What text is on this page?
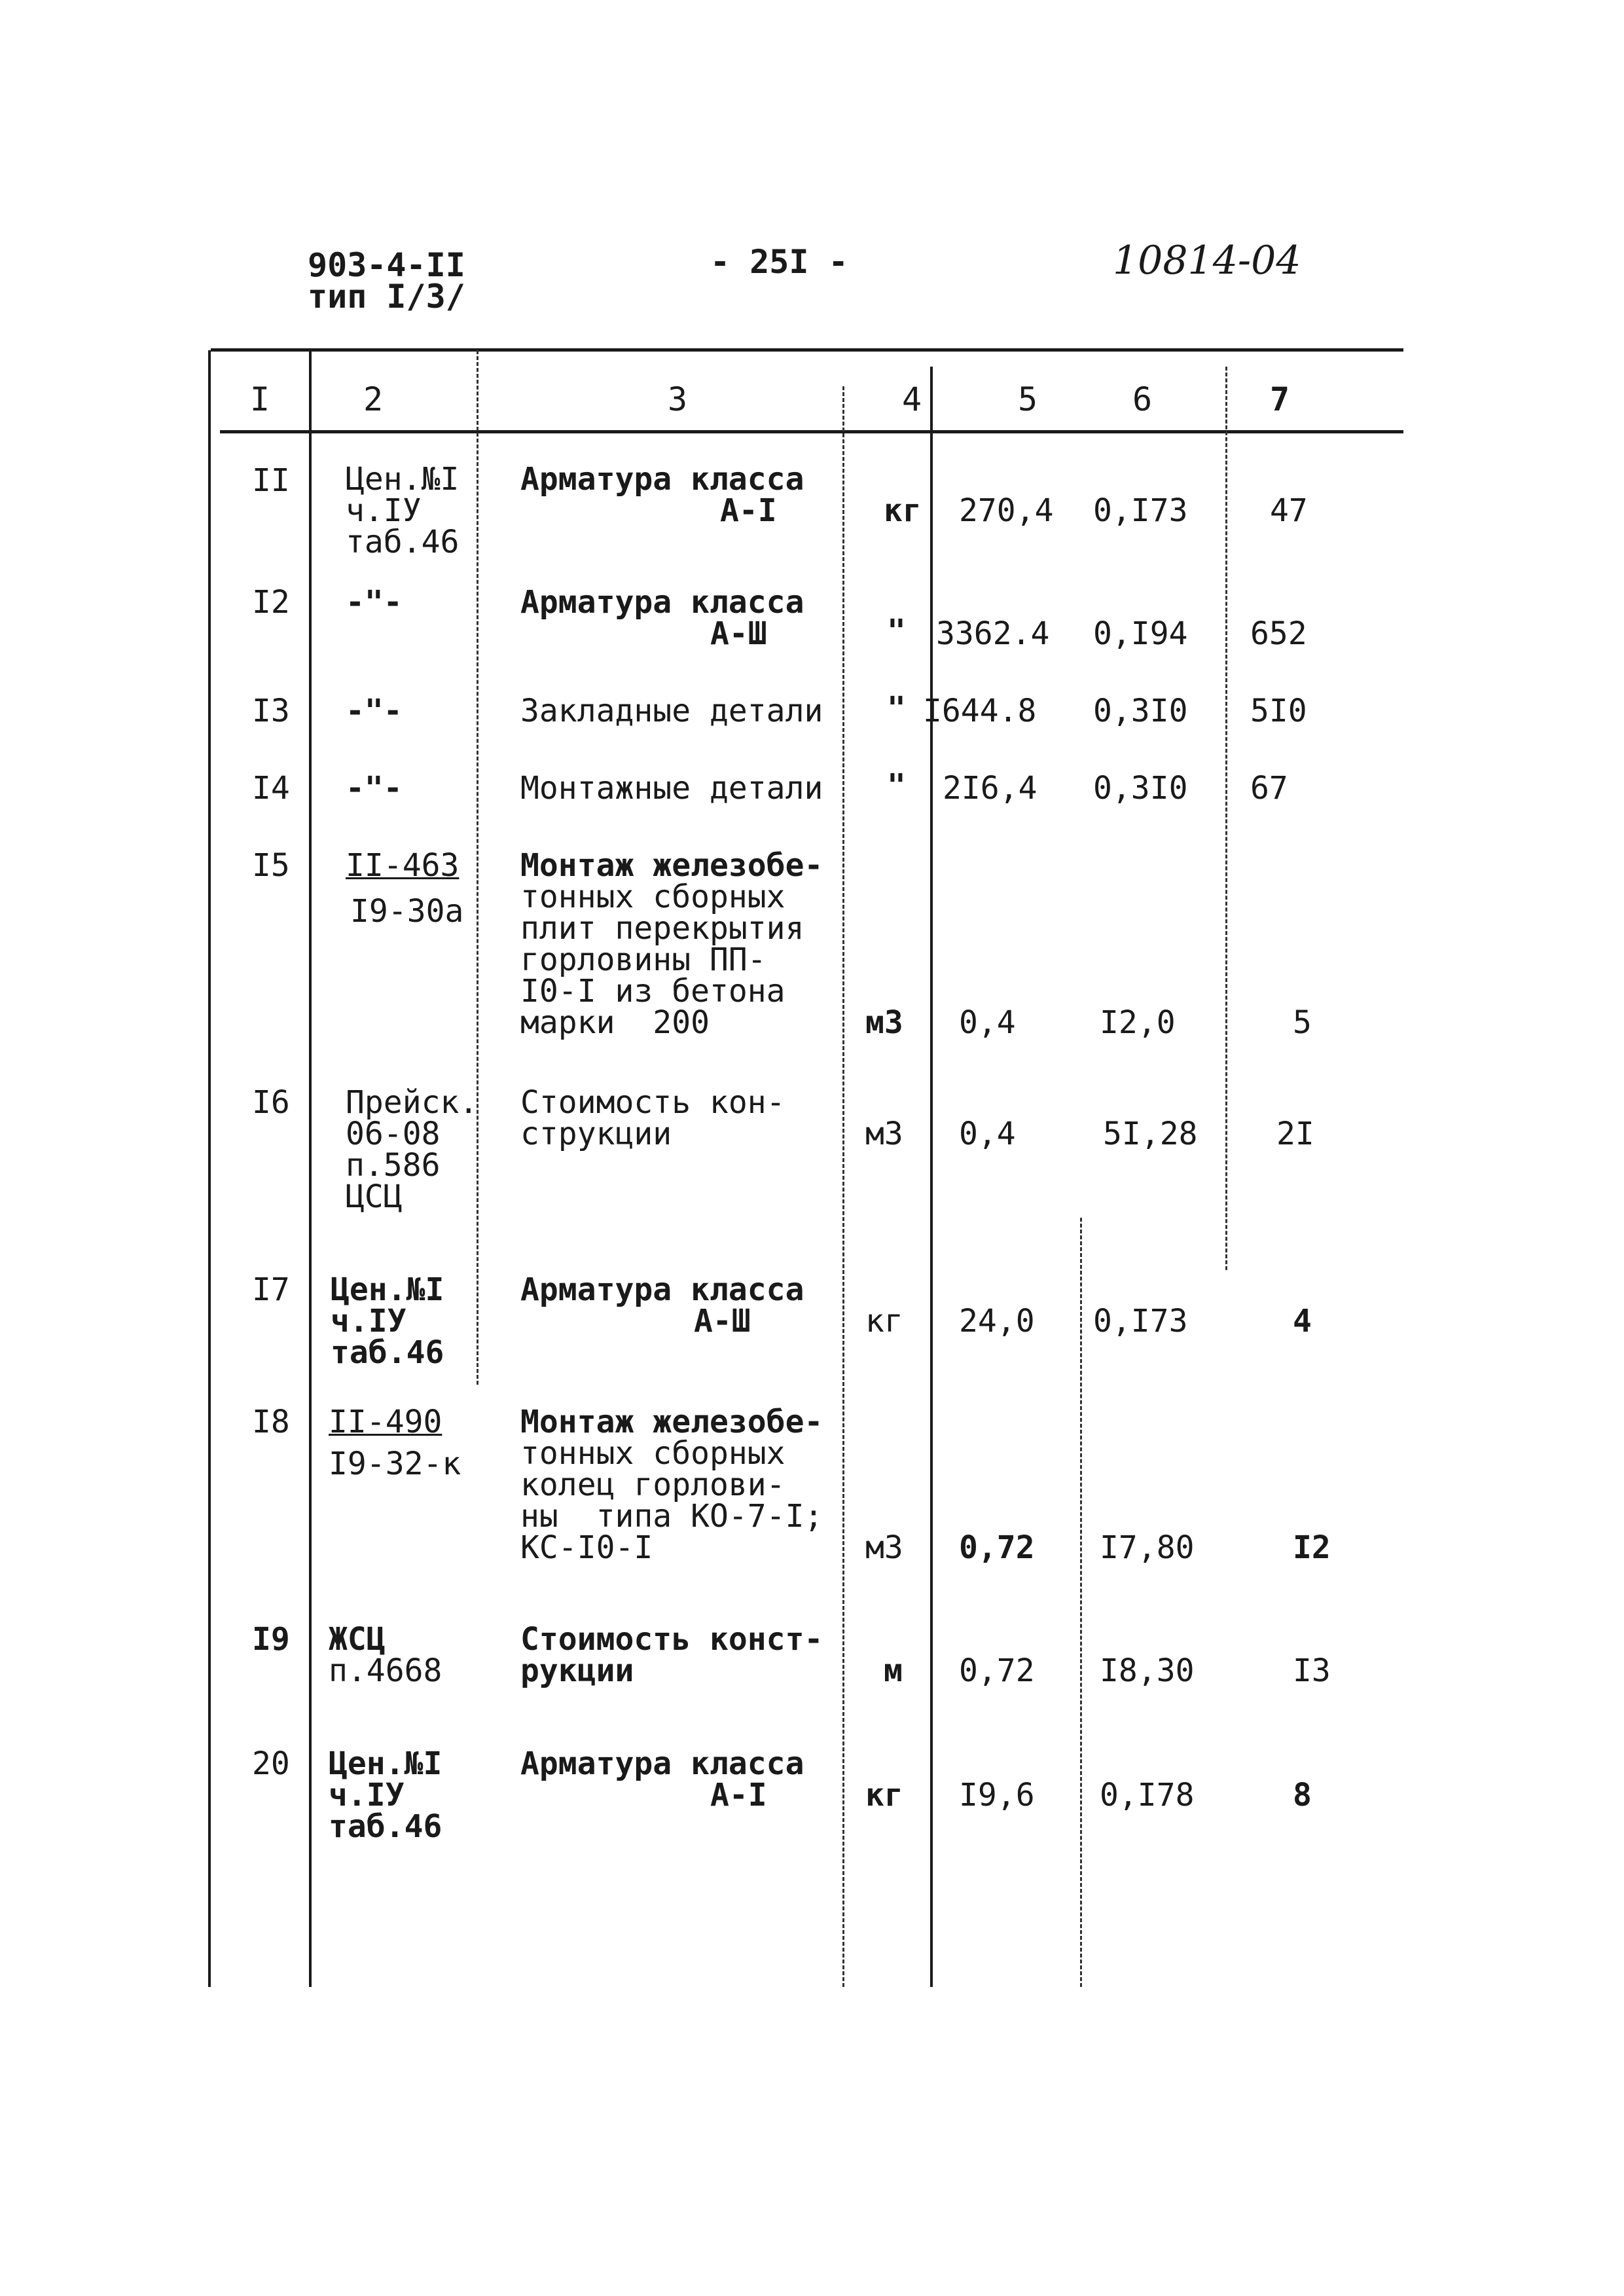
903-4-II
тип I/3/
- 25I -	10814-04
I	2	3	4	5	6	7
II Цен.№I
ч.IУ
таб.46
Арматура класса
А-I	кг 270,4 0,I73	47
I2 -"-	Арматура класса
А-Ш	" 3362.4 0,I94 652
I3 -"-	Закладные детали " I644.8 0,3I0 5I0
I4 -"-	Монтажные детали " 2I6,4 0,3I0 67
I5 II-463
I9-30а
Монтаж железобе-
тонных сборных
плит перекрытия
горловины ПП-
I0-I из бетона
марки  200	м3 0,4	I2,0	5
I6 Прейск.
06-08
п.586
ЦСЦ
Стоимость кон-
струкции	м3 0,4	5I,28	2I
I7 Цен.№I
ч.IУ
таб.46
Арматура класса
А-Ш	кг 24,0 0,I73	4
I8 II-490
I9-32-к
Монтаж железобе-
тонных сборных
колец горлови-
ны  типа КО-7-I;
КС-I0-I	м3 0,72 I7,80	I2
I9 ЖСЦ
п.4668
Стоимость конст-
рукции	м 0,72 I8,30	I3
20 Цен.№I
ч.IУ
таб.46
Арматура класса
А-I	кг I9,6 0,I78	8
